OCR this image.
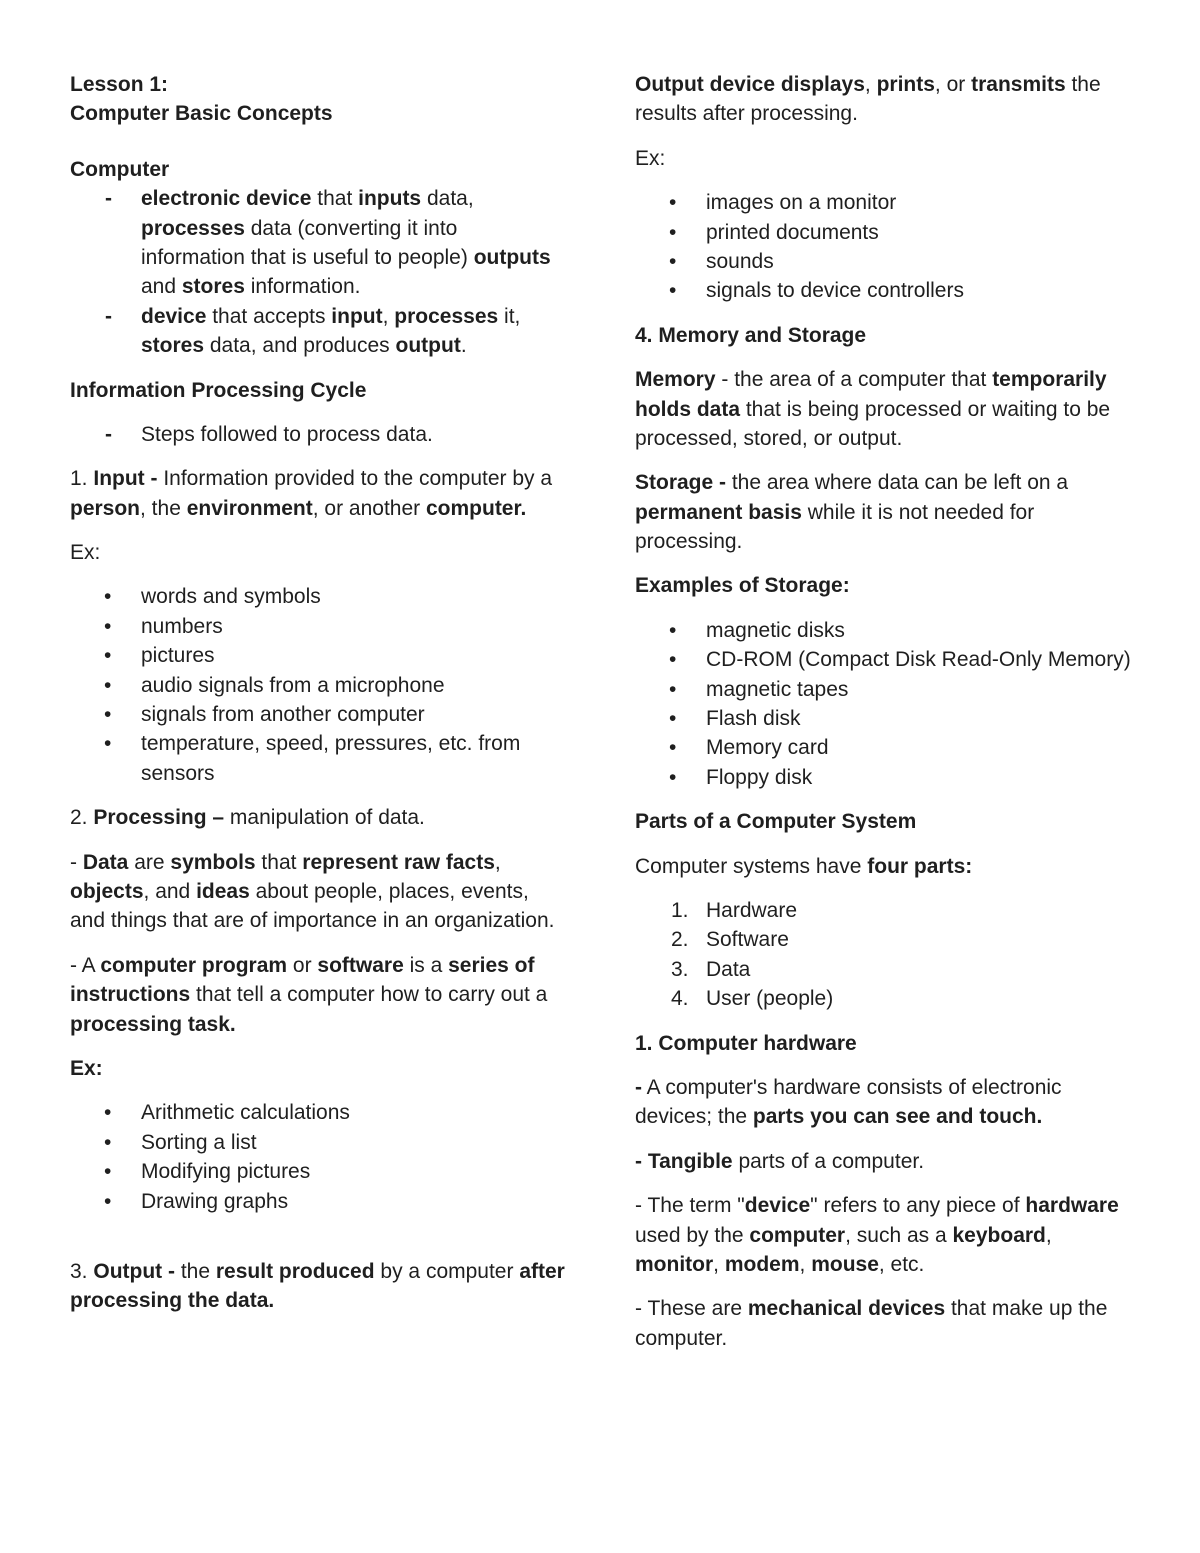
Lesson 1:

Computer Basic Concepts

Computer

- electronic device that inputs data, processes data (converting it into information that is useful to people) outputs and stores information.
- device that accepts input, processes it, stores data, and produces output.

Information Processing Cycle

- Steps followed to process data.

1. Input - Information provided to the computer by a person, the environment, or another computer.

Ex:

• words and symbols
• numbers
• pictures
• audio signals from a microphone
• signals from another computer
• temperature, speed, pressures, etc. from sensors

2. Processing – manipulation of data.

- Data are symbols that represent raw facts, objects, and ideas about people, places, events, and things that are of importance in an organization.

- A computer program or software is a series of instructions that tell a computer how to carry out a processing task.

Ex:

• Arithmetic calculations
• Sorting a list
• Modifying pictures
• Drawing graphs

3. Output - the result produced by a computer after processing the data.

Output device displays, prints, or transmits the results after processing.

Ex:

• images on a monitor
• printed documents
• sounds
• signals to device controllers

4. Memory and Storage

Memory - the area of a computer that temporarily holds data that is being processed or waiting to be processed, stored, or output.

Storage - the area where data can be left on a permanent basis while it is not needed for processing.

Examples of Storage:

• magnetic disks
• CD-ROM (Compact Disk Read-Only Memory)
• magnetic tapes
• Flash disk
• Memory card
• Floppy disk

Parts of a Computer System

Computer systems have four parts:

1. Hardware
2. Software
3. Data
4. User (people)

1. Computer hardware

- A computer's hardware consists of electronic devices; the parts you can see and touch.

- Tangible parts of a computer.

- The term "device" refers to any piece of hardware used by the computer, such as a keyboard, monitor, modem, mouse, etc.

- These are mechanical devices that make up the computer.
